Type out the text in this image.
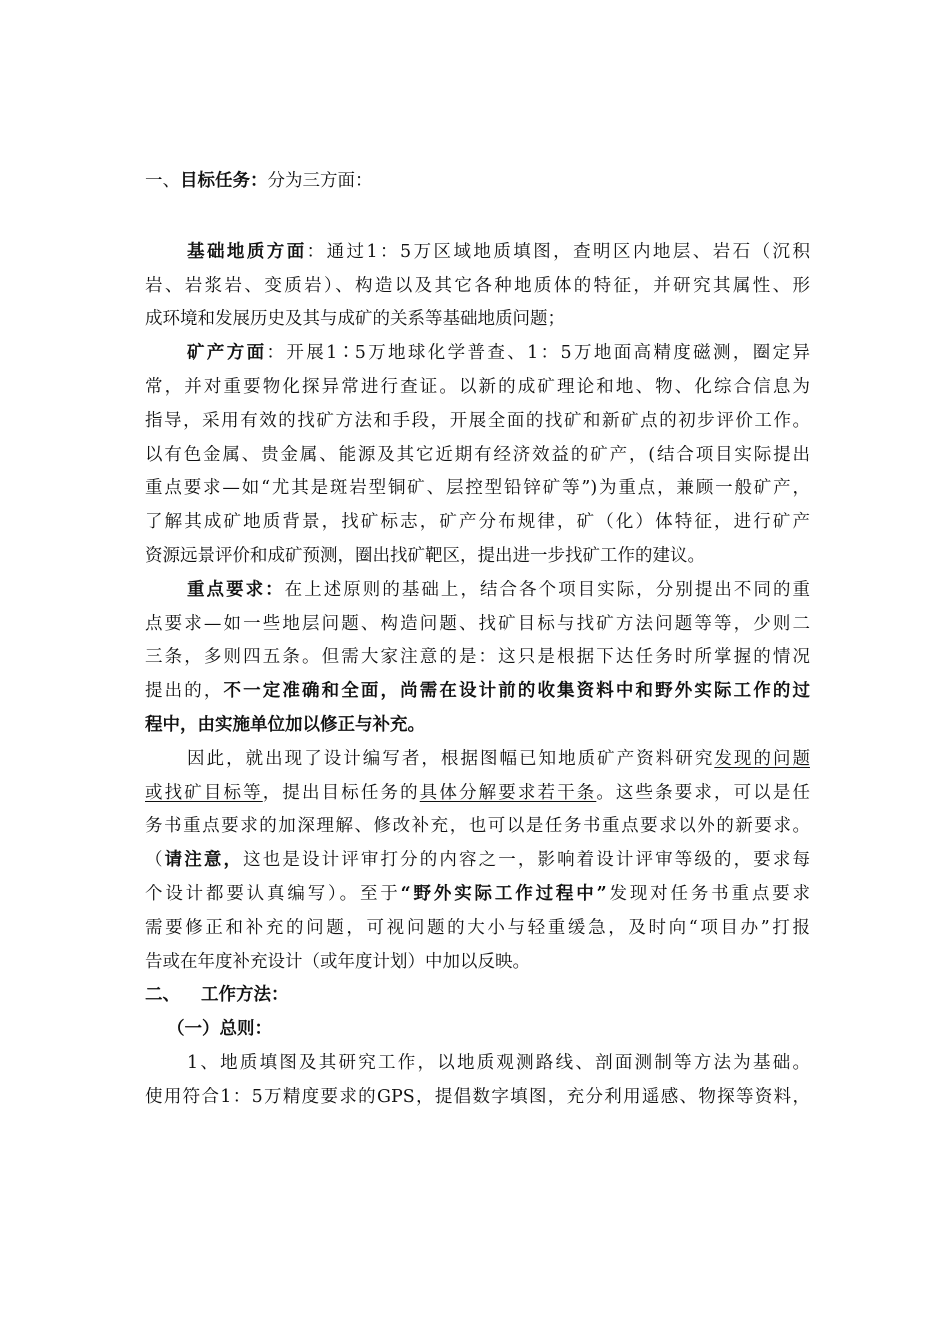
一、目标任务：分为三方面：
基础地质方面：通过1：5万区域地质填图，查明区内地层、岩石（沉积
岩、岩浆岩、变质岩）、构造以及其它各种地质体的特征，并研究其属性、形
成环境和发展历史及其与成矿的关系等基础地质问题；
矿产方面：开展1∶5万地球化学普查、1：5万地面高精度磁测，圈定异
常，并对重要物化探异常进行查证。以新的成矿理论和地、物、化综合信息为
指导，采用有效的找矿方法和手段，开展全面的找矿和新矿点的初步评价工作。
以有色金属、贵金属、能源及其它近期有经济效益的矿产，(结合项目实际提出
重点要求—如“尤其是斑岩型铜矿、层控型铅锌矿等”)为重点，兼顾一般矿产，
了解其成矿地质背景，找矿标志，矿产分布规律，矿（化）体特征，进行矿产
资源远景评价和成矿预测，圈出找矿靶区，提出进一步找矿工作的建议。
重点要求：在上述原则的基础上，结合各个项目实际，分别提出不同的重
点要求—如一些地层问题、构造问题、找矿目标与找矿方法问题等等，少则二
三条，多则四五条。但需大家注意的是：这只是根据下达任务时所掌握的情况
提出的，不一定准确和全面，尚需在设计前的收集资料中和野外实际工作的过
程中，由实施单位加以修正与补充。
因此，就出现了设计编写者，根据图幅已知地质矿产资料研究发现的问题
或找矿目标等，提出目标任务的具体分解要求若干条。这些条要求，可以是任
务书重点要求的加深理解、修改补充，也可以是任务书重点要求以外的新要求。
（请注意，这也是设计评审打分的内容之一，影响着设计评审等级的，要求每
个设计都要认真编写）。至于“野外实际工作过程中”发现对任务书重点要求
需要修正和补充的问题，可视问题的大小与轻重缓急，及时向“项目办”打报
告或在年度补充设计（或年度计划）中加以反映。
二、 工作方法：
（一）总则：
1、地质填图及其研究工作，以地质观测路线、剖面测制等方法为基础。
使用符合1：5万精度要求的GPS，提倡数字填图，充分利用遥感、物探等资料，
